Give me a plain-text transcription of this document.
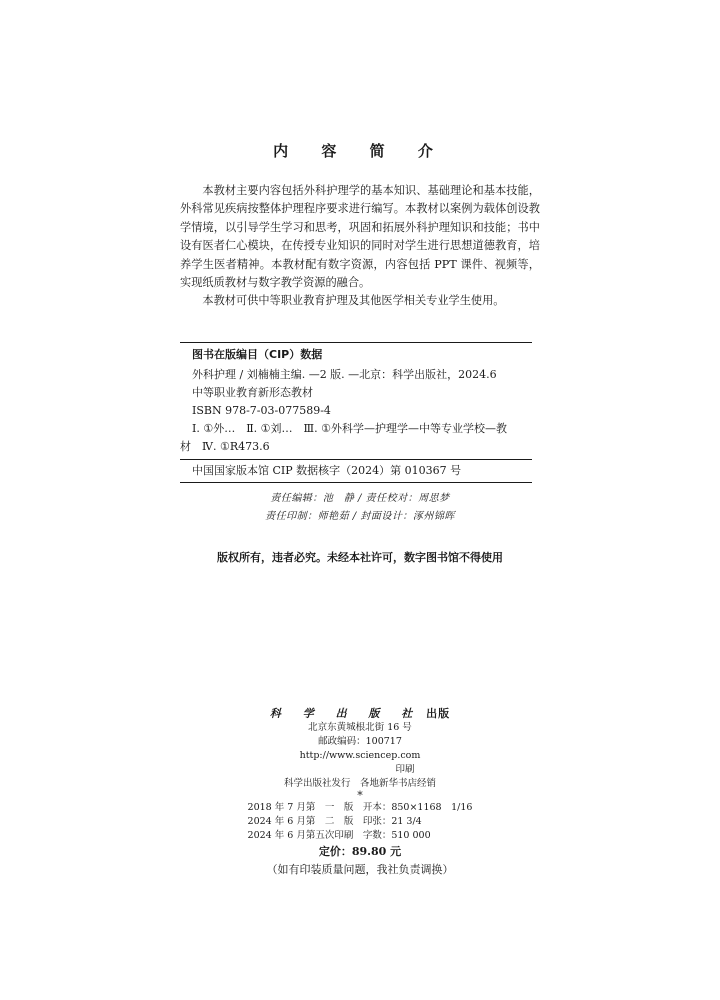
内 容 简 介

本教材主要内容包括外科护理学的基本知识、基础理论和基本技能，外科常见疾病按整体护理程序要求进行编写。本教材以案例为载体创设教学情境，以引导学生学习和思考，巩固和拓展外科护理知识和技能；书中设有医者仁心模块，在传授专业知识的同时对学生进行思想道德教育，培养学生医者精神。本教材配有数字资源，内容包括 PPT 课件、视频等，实现纸质教材与数字教学资源的融合。

本教材可供中等职业教育护理及其他医学相关专业学生使用。

图书在版编目（CIP）数据
外科护理 / 刘楠楠主编. —2 版. —北京：科学出版社，2024.6
中等职业教育新形态教材
ISBN 978-7-03-077589-4
Ⅰ. ①外…　Ⅱ. ①刘…　Ⅲ. ①外科学—护理学—中等专业学校—教
材　Ⅳ. ①R473.6
中国国家版本馆 CIP 数据核字（2024）第 010367 号
责任编辑：池　静 / 责任校对：周思梦
责任印制：师艳茹 / 封面设计：涿州锦晖
版权所有，违者必究。未经本社许可，数字图书馆不得使用
科 学 出 版 社 出版
北京东黄城根北街 16 号
邮政编码：100717
http://www.sciencep.com
印刷
科学出版社发行　各地新华书店经销
*
2018 年 7 月第　一　版　开本：850×1168　1/16
2024 年 6 月第　二　版　印张：21 3/4
2024 年 6 月第五次印刷　字数：510 000
定价：89.80 元
（如有印装质量问题，我社负责调换）
